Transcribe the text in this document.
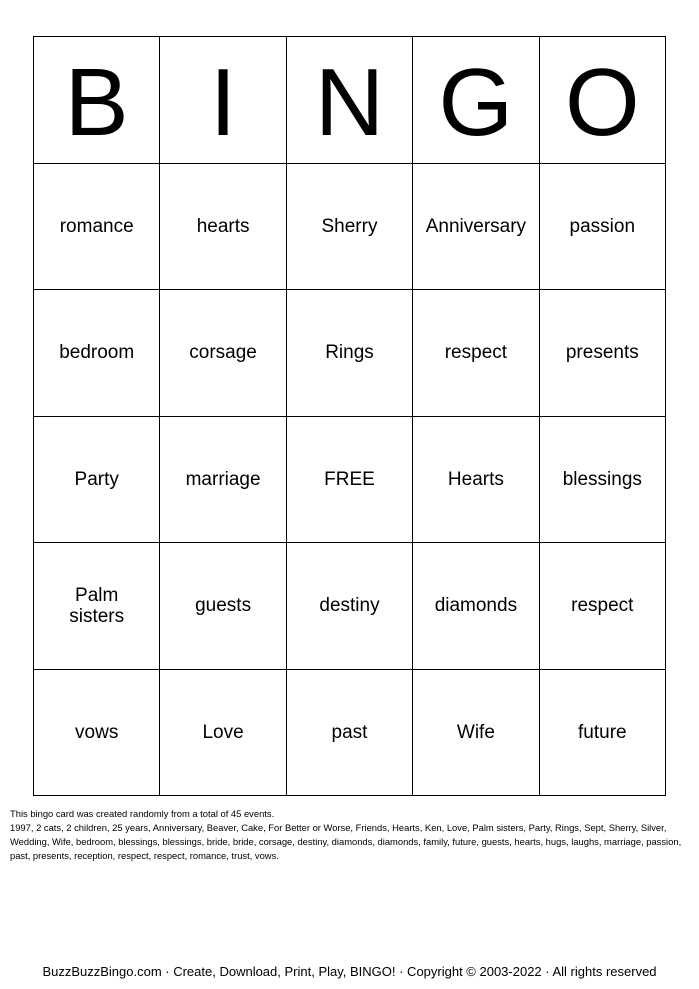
B I N G O
romance	hearts	Sherry	Anniversary	passion
bedroom	corsage	Rings	respect	presents
Party	marriage	FREE	Hearts	blessings
Palm sisters	guests	destiny	diamonds	respect
vows	Love	past	Wife	future

This bingo card was created randomly from a total of 45 events.

1997, 2 cats, 2 children, 25 years, Anniversary, Beaver, Cake, For Better or Worse, Friends, Hearts, Ken, Love, Palm sisters, Party, Rings, Sept, Sherry, Silver, Wedding, Wife, bedroom, blessings, blessings, bride, bride, corsage, destiny, diamonds, diamonds, family, future, guests, hearts, hugs, laughs, marriage, passion, past, presents, reception, respect, respect, romance, trust, vows.

BuzzBuzzBingo.com · Create, Download, Print, Play, BINGO! · Copyright © 2003-2022 · All rights reserved
